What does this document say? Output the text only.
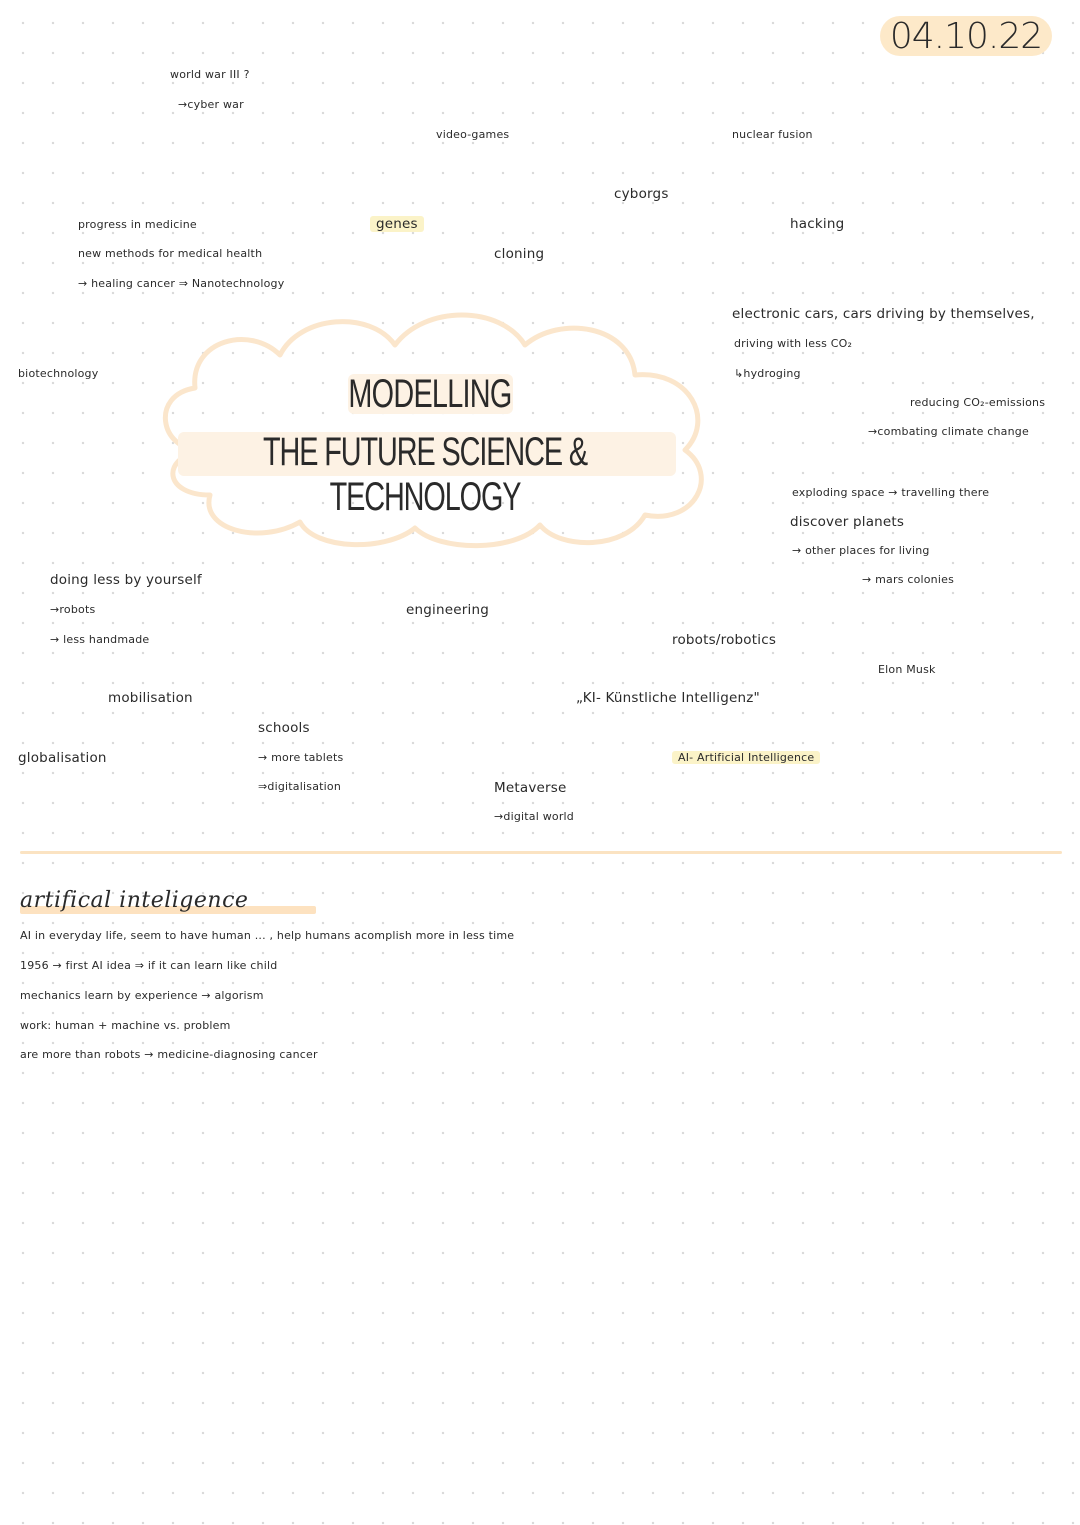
04.10.22
MODELLING
THE FUTURE SCIENCE & TECHNOLOGY
world war III ?
→cyber war
video-games	nuclear fusion
cyborgs
genes	hacking
progress in medicine
new methods for medical health
→ healing cancer ⇒ Nanotechnology
cloning
electronic cars, cars driving by themselves,
driving with less CO₂
↳hydroging
biotechnology
reducing CO₂-emissions
→combating climate change
exploding space → travelling there
discover planets
→ other places for living
→ mars colonies
doing less by yourself
→robots
→ less handmade
engineering
robots/robotics
Elon Musk
mobilisation	„KI- Künstliche Intelligenz"
schools
→ more tablets
⇒digitalisation
globalisation	AI- Artificial Intelligence
Metaverse
→digital world
artifical inteligence
AI in everyday life, seem to have human ... , help humans acomplish more in less time
1956 → first AI idea ⇒ if it can learn like child
mechanics learn by experience → algorism
work: human + machine vs. problem
are more than robots → medicine-diagnosing cancer
